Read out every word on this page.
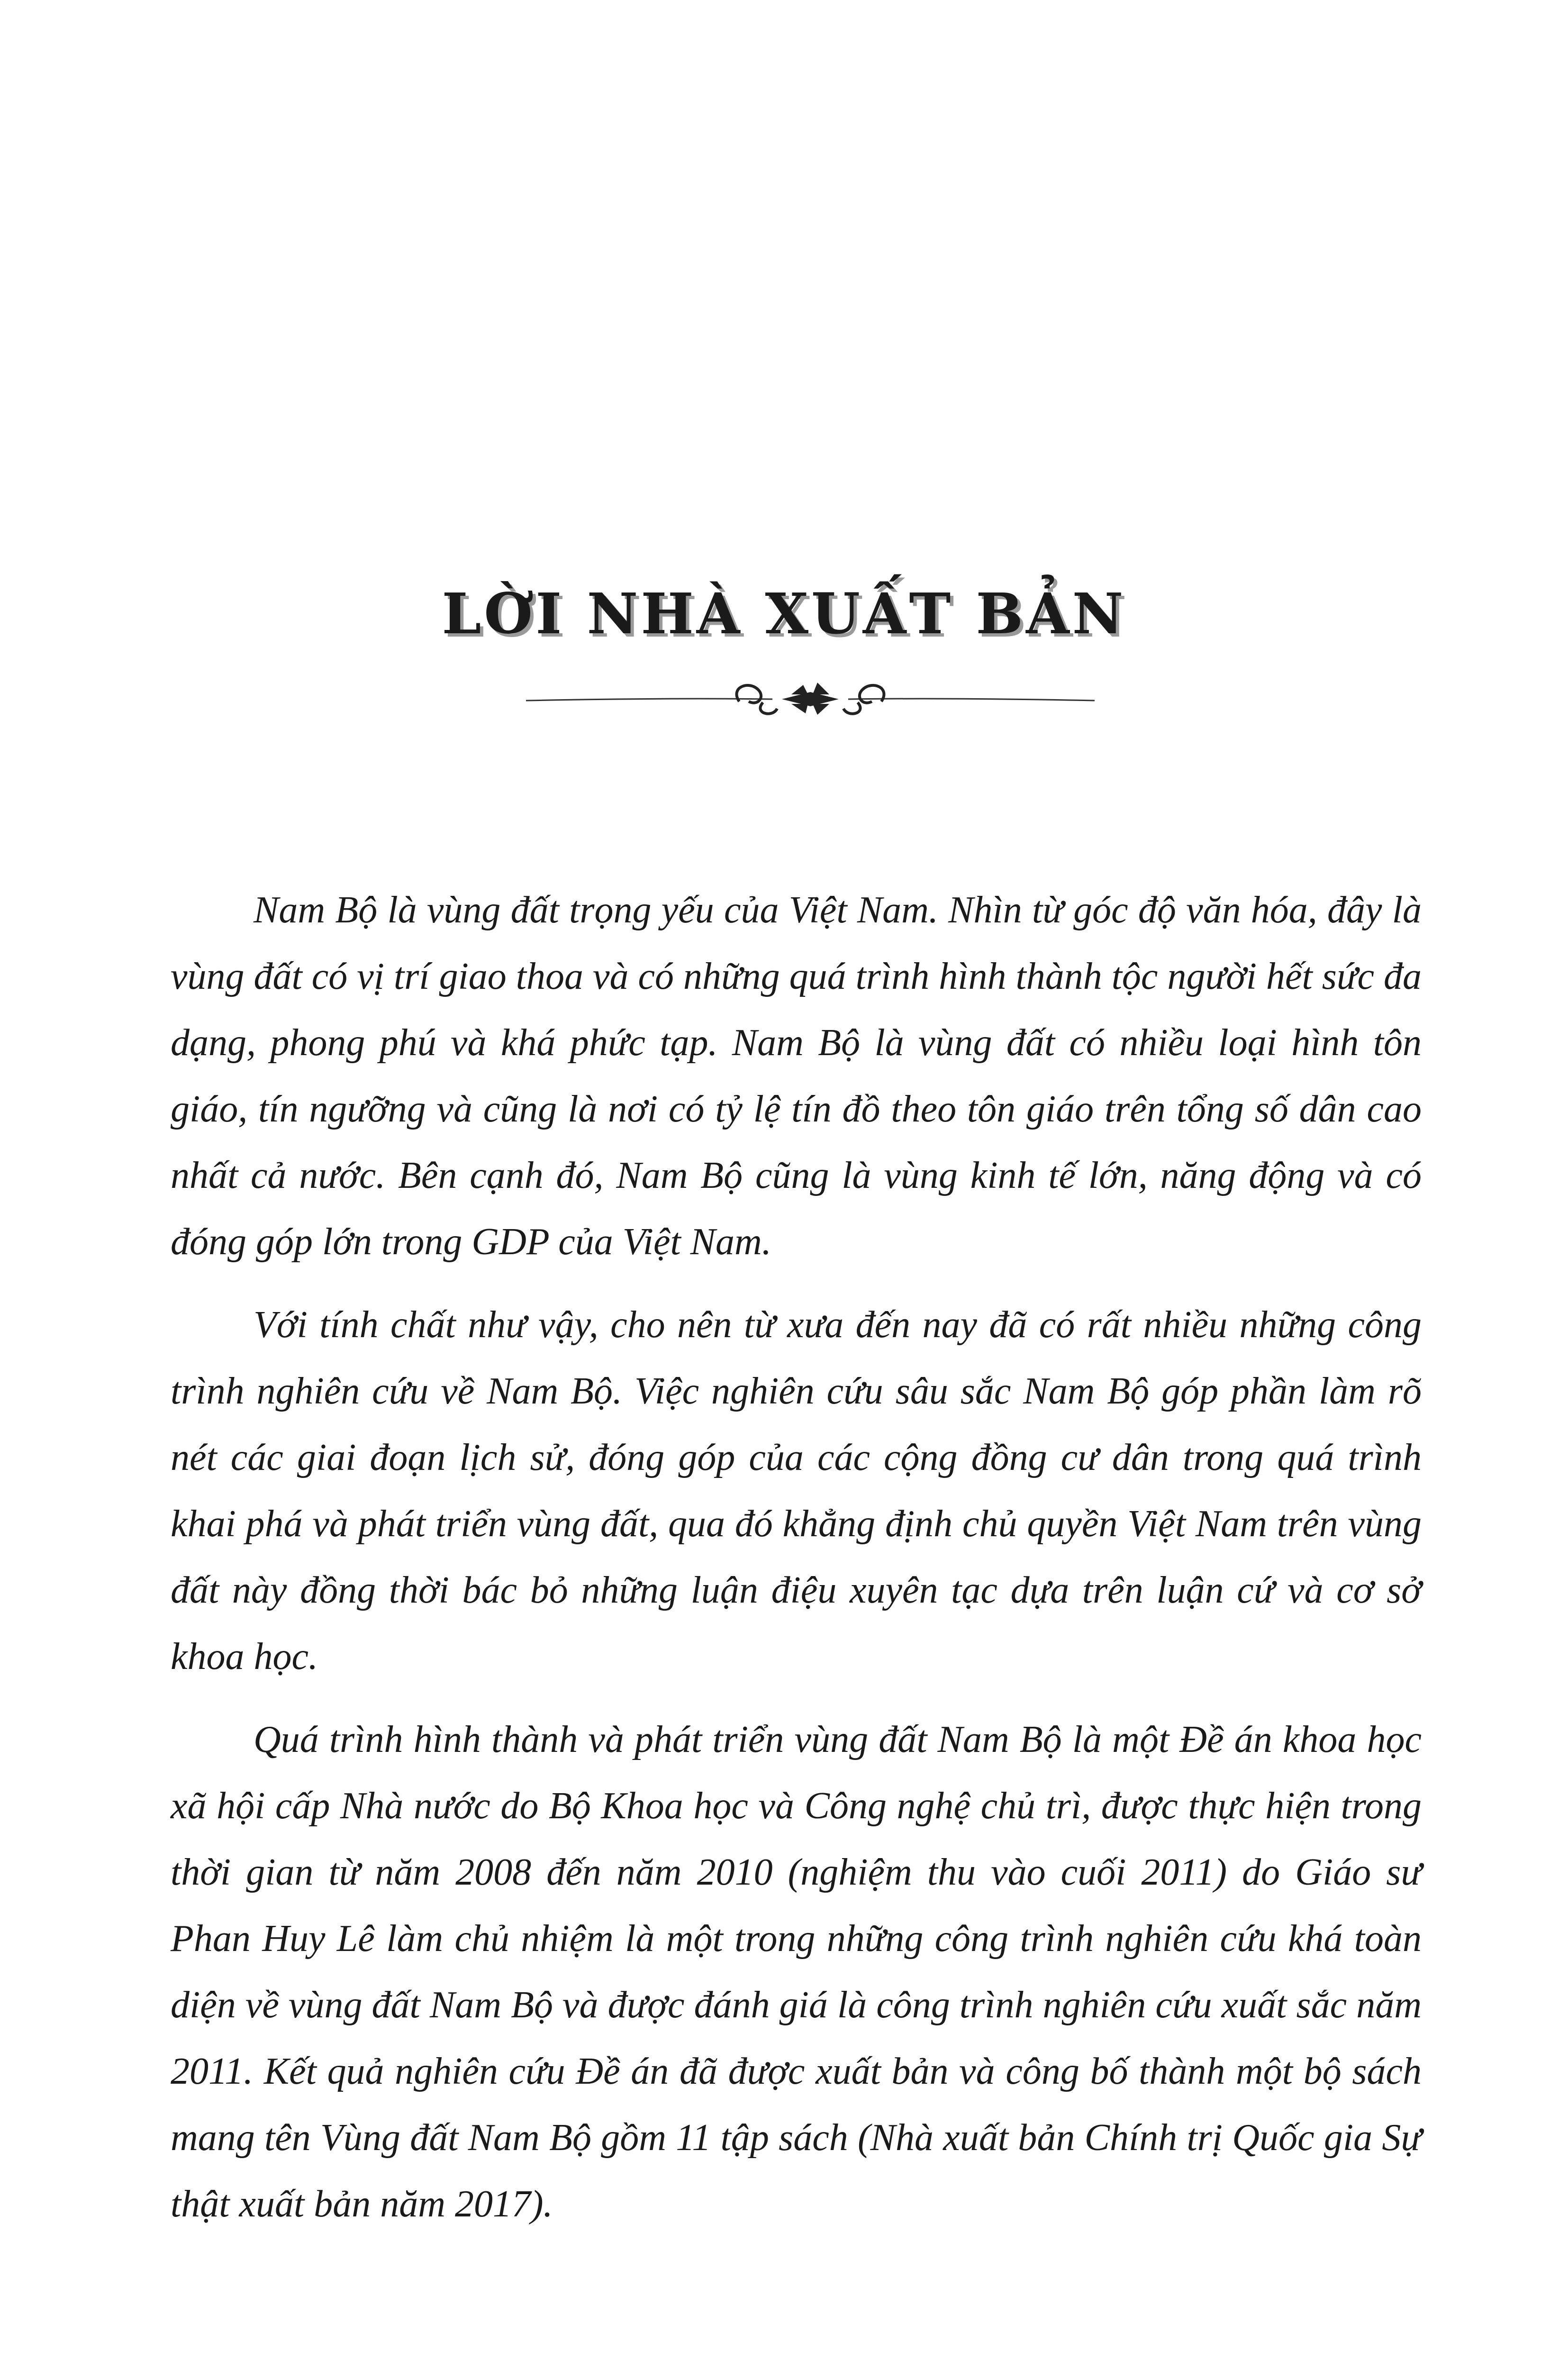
LỜI NHÀ XUẤT BẢN

Nam Bộ là vùng đất trọng yếu của Việt Nam. Nhìn từ góc độ văn hóa, đây là vùng đất có vị trí giao thoa và có những quá trình hình thành tộc người hết sức đa dạng, phong phú và khá phức tạp. Nam Bộ là vùng đất có nhiều loại hình tôn giáo, tín ngưỡng và cũng là nơi có tỷ lệ tín đồ theo tôn giáo trên tổng số dân cao nhất cả nước. Bên cạnh đó, Nam Bộ cũng là vùng kinh tế lớn, năng động và có đóng góp lớn trong GDP của Việt Nam.

Với tính chất như vậy, cho nên từ xưa đến nay đã có rất nhiều những công trình nghiên cứu về Nam Bộ. Việc nghiên cứu sâu sắc Nam Bộ góp phần làm rõ nét các giai đoạn lịch sử, đóng góp của các cộng đồng cư dân trong quá trình khai phá và phát triển vùng đất, qua đó khẳng định chủ quyền Việt Nam trên vùng đất này đồng thời bác bỏ những luận điệu xuyên tạc dựa trên luận cứ và cơ sở khoa học.

Quá trình hình thành và phát triển vùng đất Nam Bộ là một Đề án khoa học xã hội cấp Nhà nước do Bộ Khoa học và Công nghệ chủ trì, được thực hiện trong thời gian từ năm 2008 đến năm 2010 (nghiệm thu vào cuối 2011) do Giáo sư Phan Huy Lê làm chủ nhiệm là một trong những công trình nghiên cứu khá toàn diện về vùng đất Nam Bộ và được đánh giá là công trình nghiên cứu xuất sắc năm 2011. Kết quả nghiên cứu Đề án đã được xuất bản và công bố thành một bộ sách mang tên Vùng đất Nam Bộ gồm 11 tập sách (Nhà xuất bản Chính trị Quốc gia Sự thật xuất bản năm 2017).
